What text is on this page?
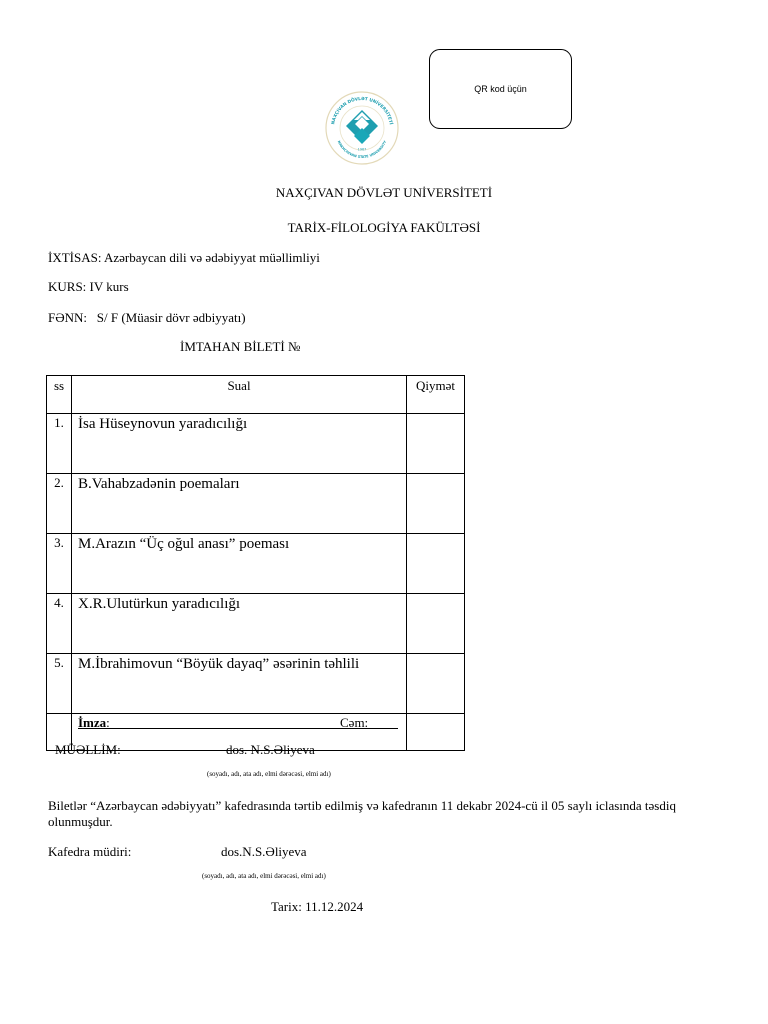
QR kod üçün
NAXÇIVAN DÖVLƏT UNİVERSİTETİ
NAKHCHIVAN STATE UNIVERSITY
1967
NAXÇIVAN DÖVLƏT UNİVERSİTETİ
TARİX-FİLOLOGİYA FAKÜLTƏSİ
İXTİSAS: Azərbaycan dili və ədəbiyyat müəllimliyi
KURS: IV kurs
FƏNN: S/ F (Müasir dövr ədbiyyatı)
İMTAHAN BİLETİ №
ss	Sual	Qiymət
1.	İsa Hüseynovun yaradıcılığı	

2.	B.Vahabzadənin poemaları	

3.	M.Arazın “Üç oğul anası” poeması	

4.	X.R.Ulutürkun yaradıcılığı	

5.	M.İbrahimovun “Böyük dayaq” əsərinin təhlili	

	İmza: Cəm:	

MÜƏLLİM:	dos. N.S.Əliyeva
(soyadı, adı, ata adı, elmi dərəcəsi, elmi adı)
Biletlər “Azərbaycan ədəbiyyatı” kafedrasında tərtib edilmiş və kafedranın 11 dekabr 2024-cü il 05 saylı iclasında təsdiq
olunmuşdur.
Kafedra müdiri:	dos.N.S.Əliyeva
(soyadı, adı, ata adı, elmi dərəcəsi, elmi adı)
Tarix: 11.12.2024
